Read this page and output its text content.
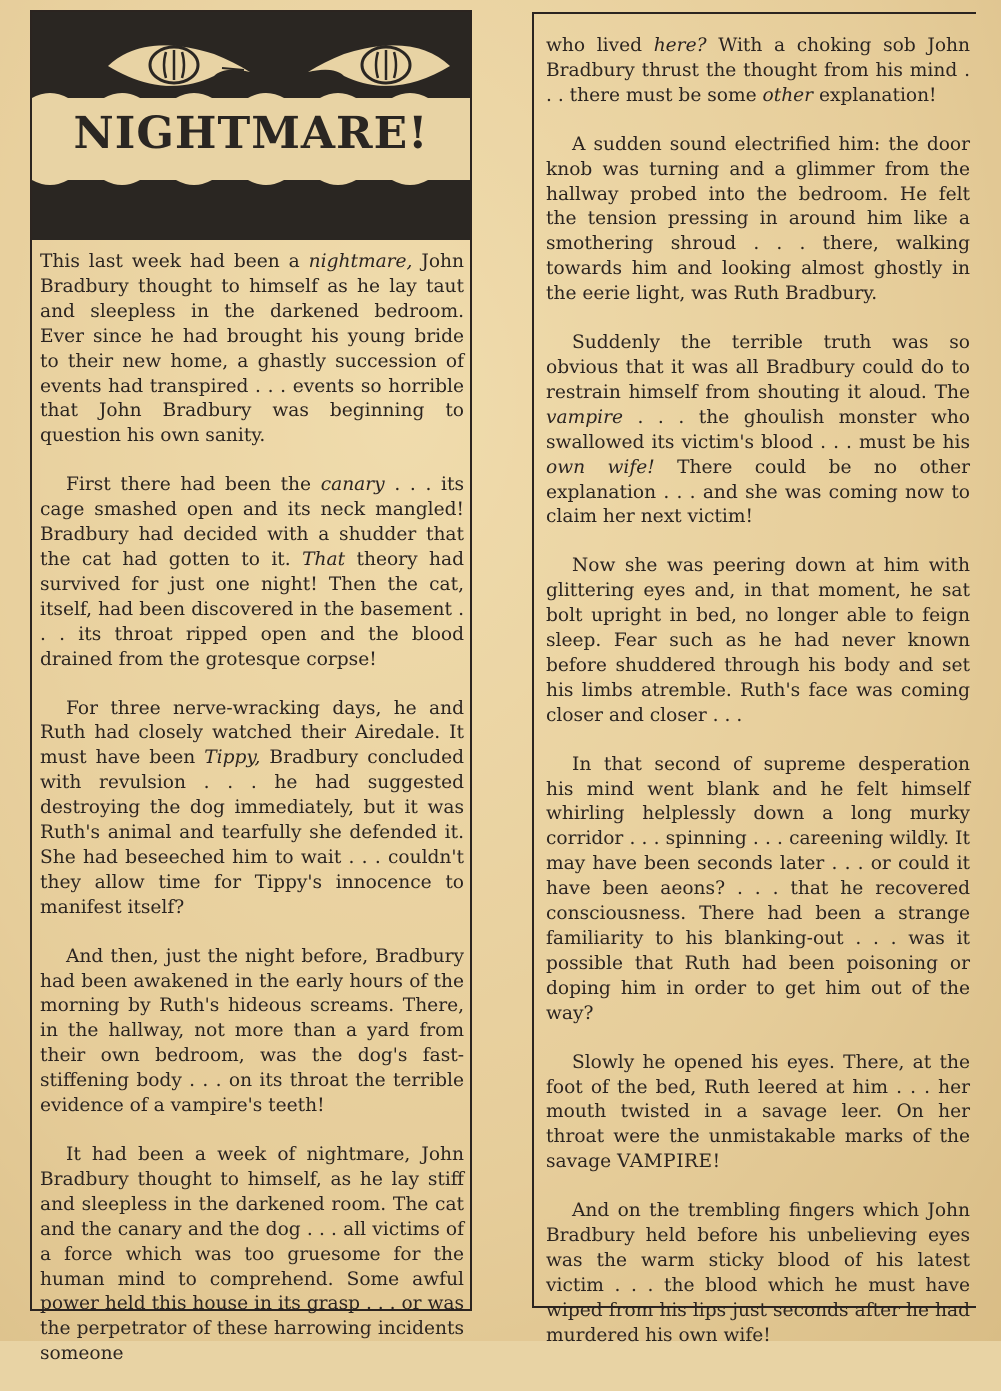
NIGHTMARE!

This last week had been a nightmare, John Bradbury thought to himself as he lay taut and sleepless in the darkened bedroom. Ever since he had brought his young bride to their new home, a ghastly succession of events had transpired . . . events so horrible that John Bradbury was beginning to question his own sanity.

First there had been the canary . . . its cage smashed open and its neck mangled! Bradbury had decided with a shudder that the cat had gotten to it. That theory had survived for just one night! Then the cat, itself, had been discovered in the basement . . . its throat ripped open and the blood drained from the grotesque corpse!

For three nerve-wracking days, he and Ruth had closely watched their Airedale. It must have been Tippy, Bradbury concluded with revulsion . . . he had suggested destroying the dog immediately, but it was Ruth's animal and tearfully she defended it. She had beseeched him to wait . . . couldn't they allow time for Tippy's innocence to manifest itself?

And then, just the night before, Bradbury had been awakened in the early hours of the morning by Ruth's hideous screams. There, in the hallway, not more than a yard from their own bedroom, was the dog's fast-stiffening body . . . on its throat the terrible evidence of a vampire's teeth!

It had been a week of nightmare, John Bradbury thought to himself, as he lay stiff and sleepless in the darkened room. The cat and the canary and the dog . . . all victims of a force which was too gruesome for the human mind to comprehend. Some awful power held this house in its grasp . . . or was the perpetrator of these harrowing incidents someone

who lived here? With a choking sob John Bradbury thrust the thought from his mind . . . there must be some other explanation!

A sudden sound electrified him: the door knob was turning and a glimmer from the hallway probed into the bedroom. He felt the tension pressing in around him like a smothering shroud . . . there, walking towards him and looking almost ghostly in the eerie light, was Ruth Bradbury.

Suddenly the terrible truth was so obvious that it was all Bradbury could do to restrain himself from shouting it aloud. The vampire . . . the ghoulish monster who swallowed its victim's blood . . . must be his own wife! There could be no other explanation . . . and she was coming now to claim her next victim!

Now she was peering down at him with glittering eyes and, in that moment, he sat bolt upright in bed, no longer able to feign sleep. Fear such as he had never known before shuddered through his body and set his limbs atremble. Ruth's face was coming closer and closer . . .

In that second of supreme desperation his mind went blank and he felt himself whirling helplessly down a long murky corridor . . . spinning . . . careening wildly. It may have been seconds later . . . or could it have been aeons? . . . that he recovered consciousness. There had been a strange familiarity to his blanking-out . . . was it possible that Ruth had been poisoning or doping him in order to get him out of the way?

Slowly he opened his eyes. There, at the foot of the bed, Ruth leered at him . . . her mouth twisted in a savage leer. On her throat were the unmistakable marks of the savage VAMPIRE!

And on the trembling fingers which John Bradbury held before his unbelieving eyes was the warm sticky blood of his latest victim . . . the blood which he must have wiped from his lips just seconds after he had murdered his own wife!
